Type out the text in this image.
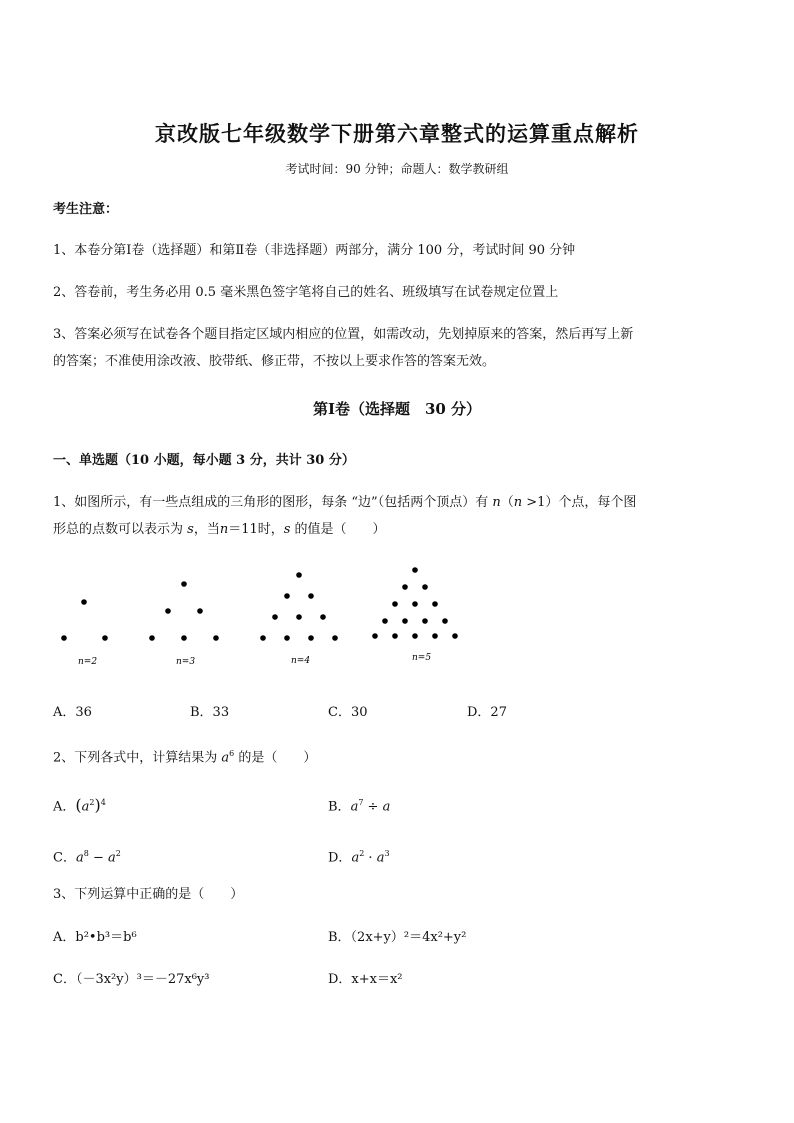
京改版七年级数学下册第六章整式的运算重点解析
考试时间：90 分钟；命题人：数学教研组
考生注意：
1、本卷分第Ⅰ卷（选择题）和第Ⅱ卷（非选择题）两部分，满分 100 分，考试时间 90 分钟
2、答卷前，考生务必用 0.5 毫米黑色签字笔将自己的姓名、班级填写在试卷规定位置上
3、答案必须写在试卷各个题目指定区域内相应的位置，如需改动，先划掉原来的答案，然后再写上新
的答案；不准使用涂改液、胶带纸、修正带，不按以上要求作答的答案无效。
第Ⅰ卷（选择题　30 分）
一、单选题（10 小题，每小题 3 分，共计 30 分）
1、如图所示，有一些点组成的三角形的图形，每条 “边”（包括两个顶点）有 n（n >1）个点，每个图
形总的点数可以表示为 s，当n＝11时，s 的值是（　　）
n=2	n=3	n=4	n=5
A．36	B．33	C．30	D．27
2、下列各式中，计算结果为 $a^6$ 的是（　　）
A．$(a^2)^4$	B．$a^7 \div a$
C．$a^8 - a^2$	D．$a^2 \cdot a^3$
3、下列运算中正确的是（　　）
A．b²•b³＝b⁶	B．（2x+y）²＝4x²+y²
C．（－3x²y）³＝－27x⁶y³	D．x+x＝x²
